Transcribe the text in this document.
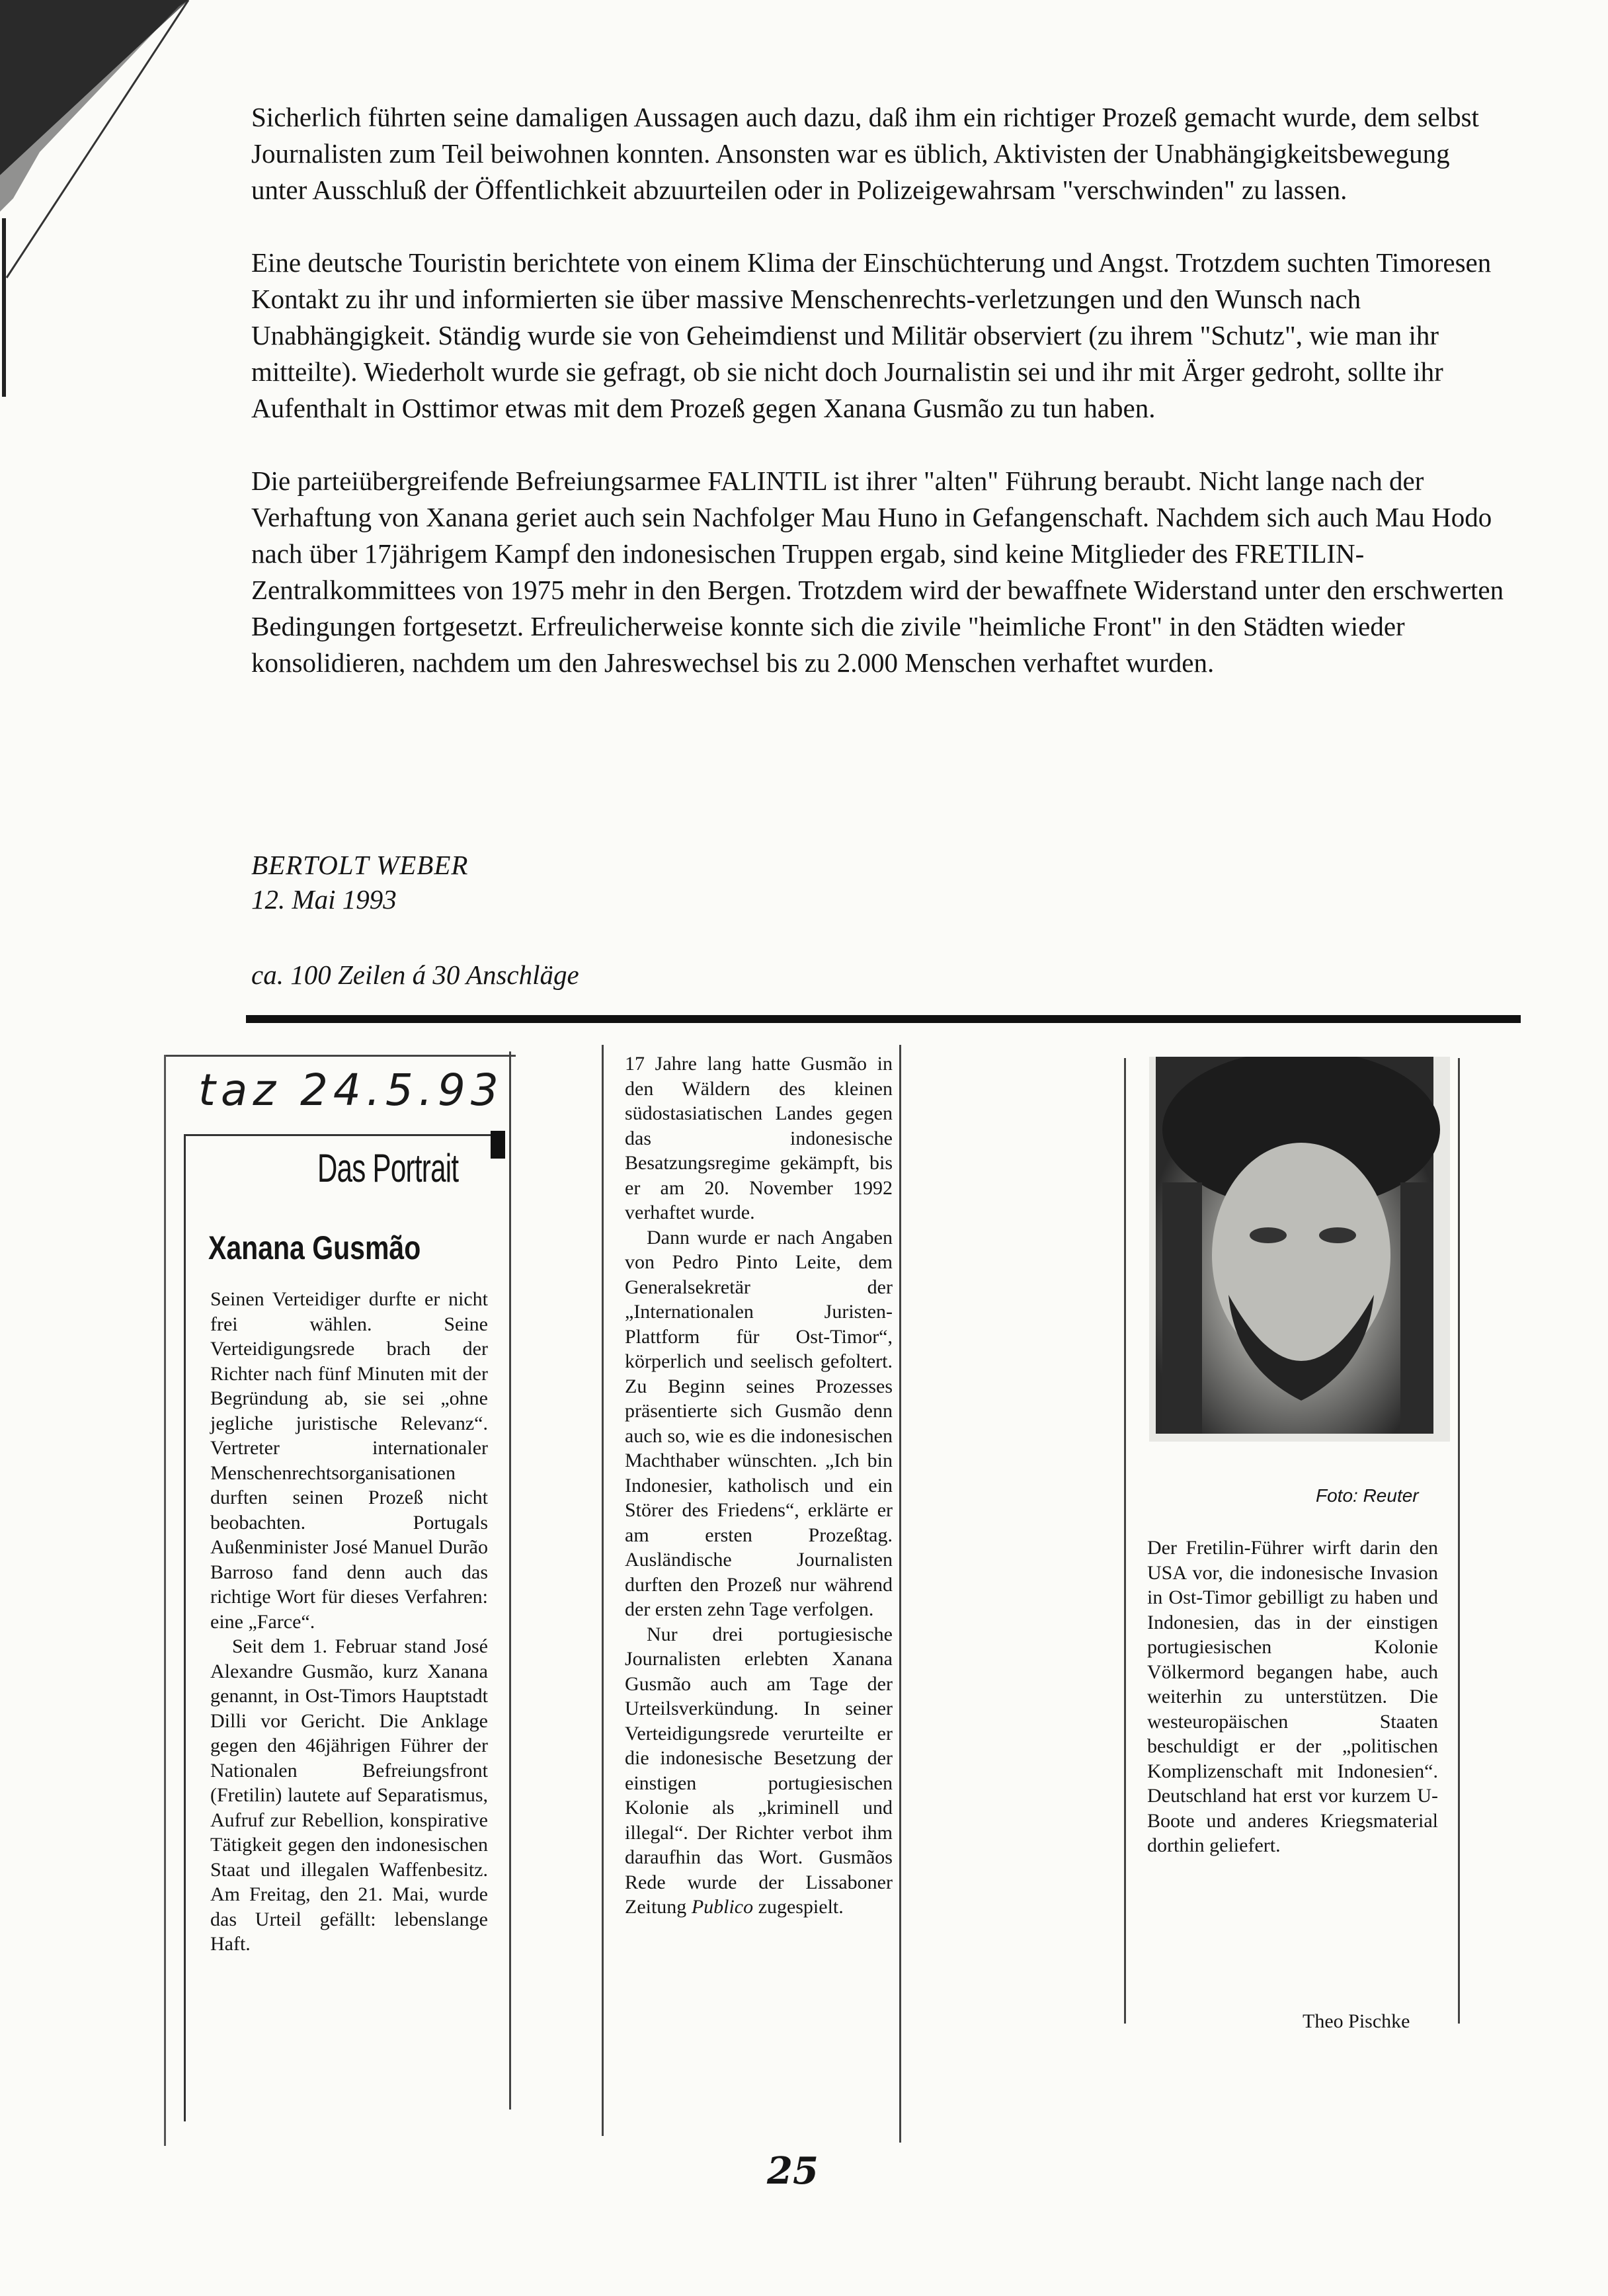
Sicherlich führten seine damaligen Aussagen auch dazu, daß ihm ein richtiger Prozeß gemacht wurde, dem selbst Journalisten zum Teil beiwohnen konnten. Ansonsten war es üblich, Aktivisten der Unabhängigkeitsbewegung unter Ausschluß der Öffentlichkeit abzuurteilen oder in Polizeigewahrsam "verschwinden" zu lassen.

Eine deutsche Touristin berichtete von einem Klima der Einschüchterung und Angst. Trotzdem suchten Timoresen Kontakt zu ihr und informierten sie über massive Menschenrechts-verletzungen und den Wunsch nach Unabhängigkeit. Ständig wurde sie von Geheimdienst und Militär observiert (zu ihrem "Schutz", wie man ihr mitteilte). Wiederholt wurde sie gefragt, ob sie nicht doch Journalistin sei und ihr mit Ärger gedroht, sollte ihr Aufenthalt in Osttimor etwas mit dem Prozeß gegen Xanana Gusmão zu tun haben.

Die parteiübergreifende Befreiungsarmee FALINTIL ist ihrer "alten" Führung beraubt. Nicht lange nach der Verhaftung von Xanana geriet auch sein Nachfolger Mau Huno in Gefangenschaft. Nachdem sich auch Mau Hodo nach über 17jährigem Kampf den indonesischen Truppen ergab, sind keine Mitglieder des FRETILIN-Zentralkommittees von 1975 mehr in den Bergen. Trotzdem wird der bewaffnete Widerstand unter den erschwerten Bedingungen fortgesetzt. Erfreulicherweise konnte sich die zivile "heimliche Front" in den Städten wieder konsolidieren, nachdem um den Jahreswechsel bis zu 2.000 Menschen verhaftet wurden.

BERTOLT WEBER
12. Mai 1993
ca. 100 Zeilen á 30 Anschläge
taz 24.5.93
Das Portrait
Xanana Gusmão

Seinen Verteidiger durfte er nicht frei wählen. Seine Verteidigungsrede brach der Richter nach fünf Minuten mit der Begründung ab, sie sei „ohne jegliche juristische Relevanz“. Vertreter internationaler Menschenrechtsorganisationen durften seinen Prozeß nicht beobachten. Portugals Außenminister José Manuel Durão Barroso fand denn auch das richtige Wort für dieses Verfahren: eine „Farce“.

Seit dem 1. Februar stand José Alexandre Gusmão, kurz Xanana genannt, in Ost-Timors Hauptstadt Dilli vor Gericht. Die Anklage gegen den 46jährigen Führer der Nationalen Befreiungsfront (Fretilin) lautete auf Separatismus, Aufruf zur Rebellion, konspirative Tätigkeit gegen den indonesischen Staat und illegalen Waffenbesitz. Am Freitag, den 21. Mai, wurde das Urteil gefällt: lebenslange Haft.

17 Jahre lang hatte Gusmão in den Wäldern des kleinen südostasiatischen Landes gegen das indonesische Besatzungsregime gekämpft, bis er am 20. November 1992 verhaftet wurde.

Dann wurde er nach Angaben von Pedro Pinto Leite, dem Generalsekretär der „Internationalen Juristen-Plattform für Ost-Timor“, körperlich und seelisch gefoltert. Zu Beginn seines Prozesses präsentierte sich Gusmão denn auch so, wie es die indonesischen Machthaber wünschten. „Ich bin Indonesier, katholisch und ein Störer des Friedens“, erklärte er am ersten Prozeßtag. Ausländische Journalisten durften den Prozeß nur während der ersten zehn Tage verfolgen.

Nur drei portugiesische Journalisten erlebten Xanana Gusmão auch am Tage der Urteilsverkündung. In seiner Verteidigungsrede verurteilte er die indonesische Besetzung der einstigen portugiesischen Kolonie als „kriminell und illegal“. Der Richter verbot ihm daraufhin das Wort. Gusmãos Rede wurde der Lissaboner Zeitung Publico zugespielt.

Foto: Reuter

Der Fretilin-Führer wirft darin den USA vor, die indonesische Invasion in Ost-Timor gebilligt zu haben und Indonesien, das in der einstigen portugiesischen Kolonie Völkermord begangen habe, auch weiterhin zu unterstützen. Die westeuropäischen Staaten beschuldigt er der „politischen Komplizenschaft mit Indonesien“. Deutschland hat erst vor kurzem U-Boote und anderes Kriegsmaterial dorthin geliefert.

Theo Pischke
25
